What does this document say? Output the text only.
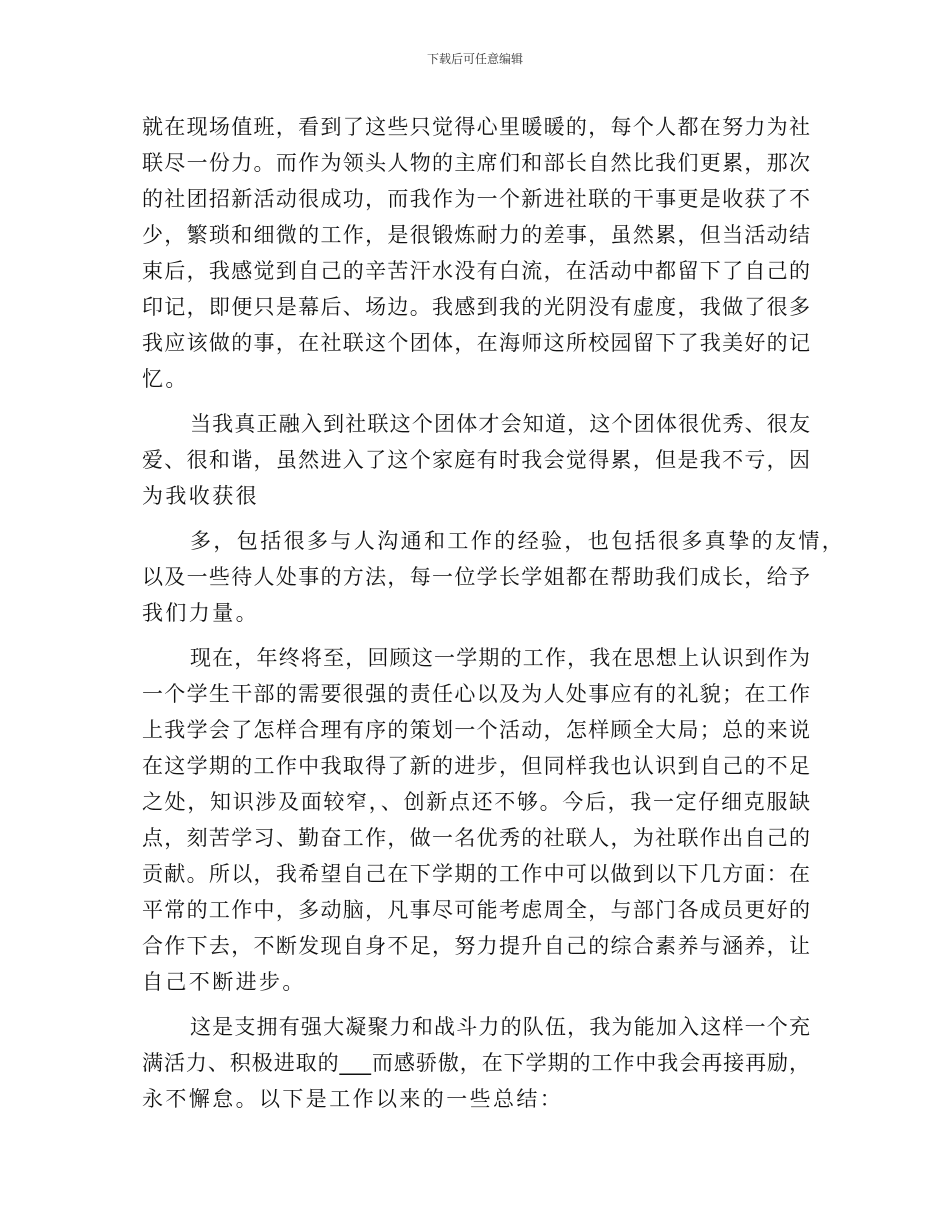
下载后可任意编辑
就在现场值班，看到了这些只觉得心里暖暖的，每个人都在努力为社
联尽一份力。而作为领头人物的主席们和部长自然比我们更累，那次
的社团招新活动很成功，而我作为一个新进社联的干事更是收获了不
少，繁琐和细微的工作，是很锻炼耐力的差事，虽然累，但当活动结
束后，我感觉到自己的辛苦汗水没有白流，在活动中都留下了自己的
印记，即便只是幕后、场边。我感到我的光阴没有虚度，我做了很多
我应该做的事，在社联这个团体，在海师这所校园留下了我美好的记
忆。
当我真正融入到社联这个团体才会知道，这个团体很优秀、很友
爱、很和谐，虽然进入了这个家庭有时我会觉得累，但是我不亏，因
为我收获很
多，包括很多与人沟通和工作的经验，也包括很多真挚的友情，
以及一些待人处事的方法，每一位学长学姐都在帮助我们成长，给予
我们力量。
现在，年终将至，回顾这一学期的工作，我在思想上认识到作为
一个学生干部的需要很强的责任心以及为人处事应有的礼貌；在工作
上我学会了怎样合理有序的策划一个活动，怎样顾全大局；总的来说
在这学期的工作中我取得了新的进步，但同样我也认识到自己的不足
之处，知识涉及面较窄，、创新点还不够。今后，我一定仔细克服缺
点，刻苦学习、勤奋工作，做一名优秀的社联人，为社联作出自己的
贡献。所以，我希望自己在下学期的工作中可以做到以下几方面：在
平常的工作中，多动脑，凡事尽可能考虑周全，与部门各成员更好的
合作下去，不断发现自身不足，努力提升自己的综合素养与涵养，让
自己不断进步。
这是支拥有强大凝聚力和战斗力的队伍，我为能加入这样一个充
满活力、积极进取的___而感骄傲，在下学期的工作中我会再接再励，
永不懈怠。以下是工作以来的一些总结：
